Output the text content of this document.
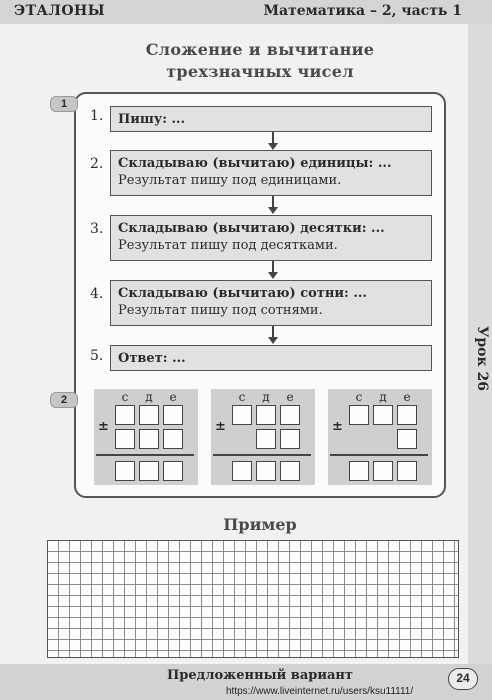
ЭТАЛОНЫ	Математика – 2, часть 1
Урок 26
Сложение и вычитание
трехзначных чисел
1
2
1. Пишу: ...
2. Складываю (вычитаю) единицы: ...
Результат пишу под единицами.
3. Складываю (вычитаю) десятки: ...
Результат пишу под десятками.
4. Складываю (вычитаю) сотни: ...
Результат пишу под сотнями.
5. Ответ: ...
с	д	е
±
с	д	е
±
с	д	е
±
Пример
Предложенный вариант	24
https://www.liveinternet.ru/users/ksu11111/
